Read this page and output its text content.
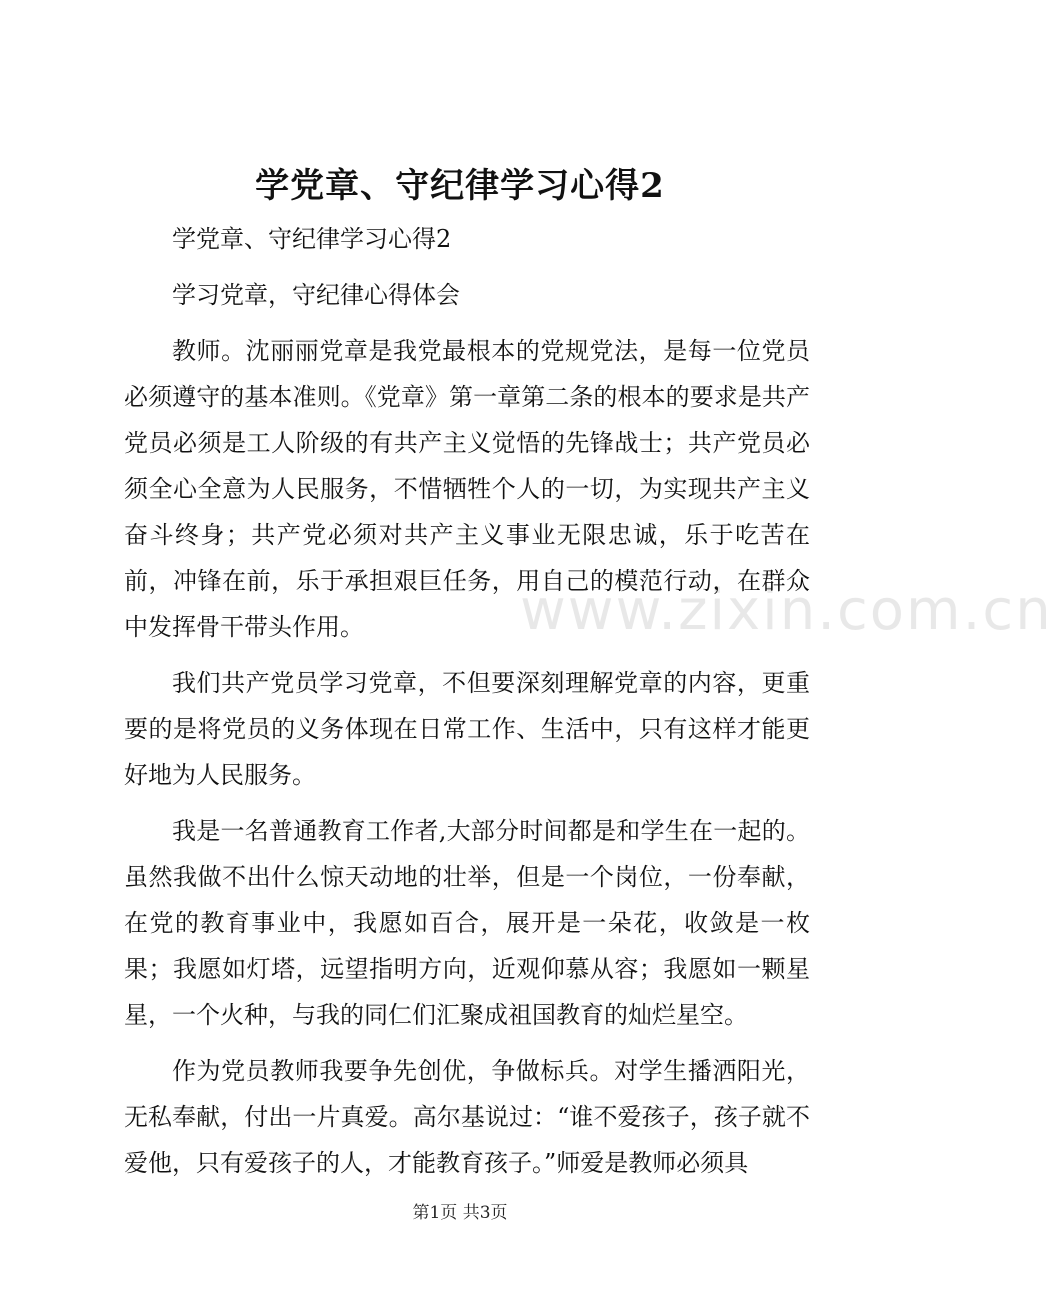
学党章、守纪律学习心得2

学党章、守纪律学习心得2

学习党章，守纪律心得体会

教师。沈丽丽党章是我党最根本的党规党法，是每一位党员必须遵守的基本准则。《党章》第一章第二条的根本的要求是共产党员必须是工人阶级的有共产主义觉悟的先锋战士；共产党员必须全心全意为人民服务，不惜牺牲个人的一切，为实现共产主义奋斗终身；共产党必须对共产主义事业无限忠诚，乐于吃苦在前，冲锋在前，乐于承担艰巨任务，用自己的模范行动，在群众中发挥骨干带头作用。

我们共产党员学习党章，不但要深刻理解党章的内容，更重要的是将党员的义务体现在日常工作、生活中，只有这样才能更好地为人民服务。

我是一名普通教育工作者,大部分时间都是和学生在一起的。虽然我做不出什么惊天动地的壮举，但是一个岗位，一份奉献，在党的教育事业中，我愿如百合，展开是一朵花，收敛是一枚果；我愿如灯塔，远望指明方向，近观仰慕从容；我愿如一颗星星，一个火种，与我的同仁们汇聚成祖国教育的灿烂星空。

作为党员教师我要争先创优，争做标兵。对学生播洒阳光，无私奉献，付出一片真爱。高尔基说过：“谁不爱孩子，孩子就不爱他，只有爱孩子的人，才能教育孩子。”师爱是教师必须具

www.zixin.com.cn
第1页 共3页
